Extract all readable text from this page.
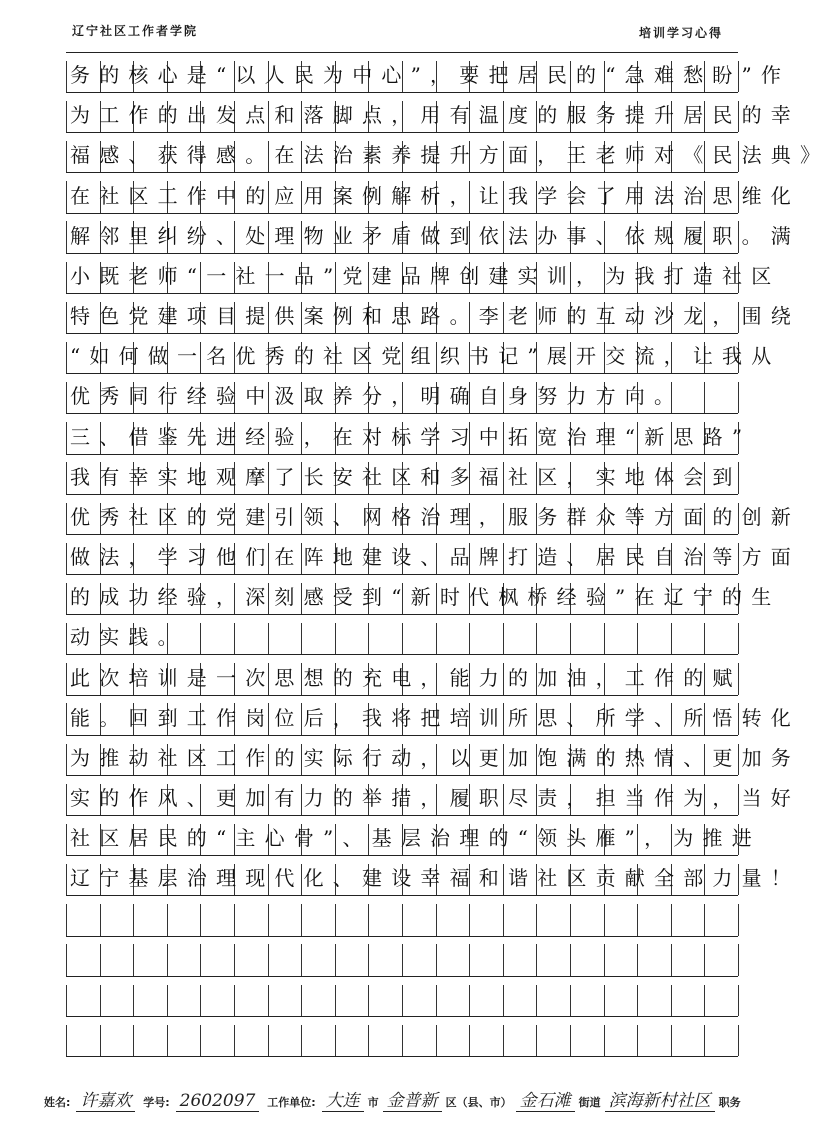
辽宁社区工作者学院	培训学习心得
务的核心是“以人民为中心”，要把居民的“急难愁盼”作
为工作的出发点和落脚点，用有温度的服务提升居民的幸
福感、获得感。在法治素养提升方面，王老师对《民法典》
在社区工作中的应用案例解析，让我学会了用法治思维化
解邻里纠纷、处理物业矛盾做到依法办事、依规履职。满
小既老师“一社一品”党建品牌创建实训，为我打造社区
特色党建项目提供案例和思路。李老师的互动沙龙，围绕
“如何做一名优秀的社区党组织书记”展开交流，让我从
优秀同行经验中汲取养分，明确自身努力方向。
三、借鉴先进经验，在对标学习中拓宽治理“新思路”
我有幸实地观摩了长安社区和多福社区，实地体会到
优秀社区的党建引领、网格治理，服务群众等方面的创新
做法，学习他们在阵地建设、品牌打造、居民自治等方面
的成功经验，深刻感受到“新时代枫桥经验”在辽宁的生
动实践。
此次培训是一次思想的充电，能力的加油，工作的赋
能。回到工作岗位后，我将把培训所思、所学、所悟转化
为推动社区工作的实际行动，以更加饱满的热情、更加务
实的作风、更加有力的举措，履职尽责，担当作为，当好
社区居民的“主心骨”、基层治理的“领头雁”，为推进
辽宁基层治理现代化、建设幸福和谐社区贡献全部力量！
姓名: 许嘉欢 学号: 2602097 工作单位: 大连 市 金普新 区（县、市） 金石滩 街道 滨海新村社区 职务
